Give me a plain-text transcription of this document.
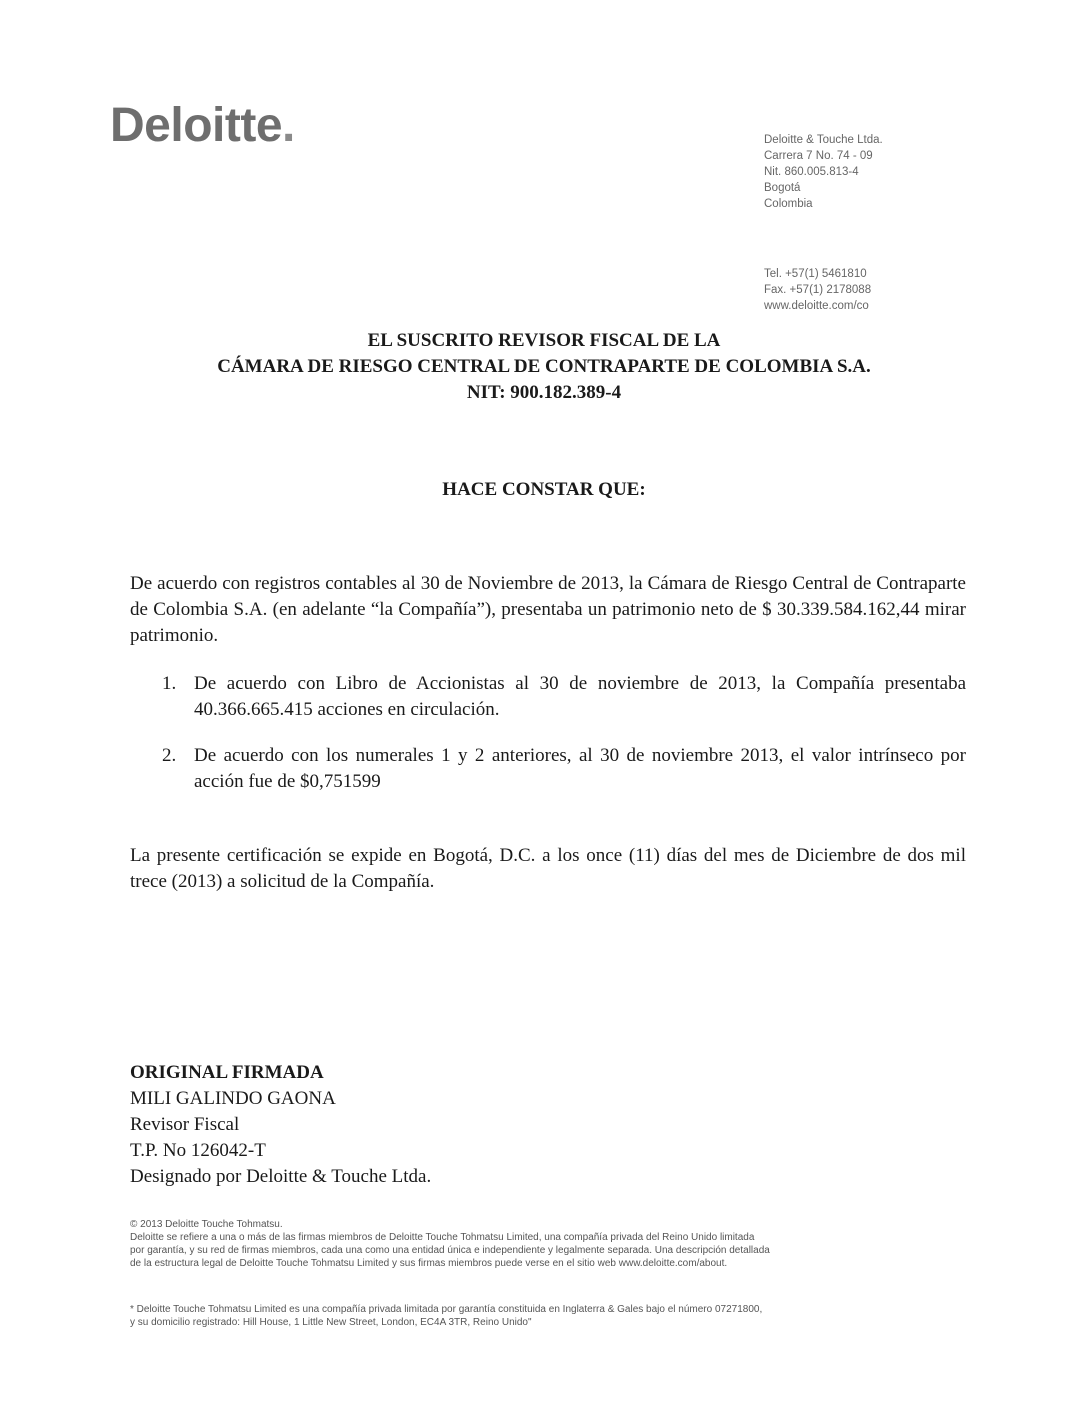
Deloitte.	Deloitte & Touche Ltda.
Carrera 7 No. 74 - 09
Nit. 860.005.813-4
Bogotá
Colombia
Tel. +57(1) 5461810
Fax. +57(1) 2178088
www.deloitte.com/co
EL SUSCRITO REVISOR FISCAL DE LA
CÁMARA DE RIESGO CENTRAL DE CONTRAPARTE DE COLOMBIA S.A.
NIT: 900.182.389-4
HACE CONSTAR QUE:
De acuerdo con registros contables al 30 de Noviembre de 2013, la Cámara de Riesgo Central de Contraparte de Colombia S.A. (en adelante “la Compañía”), presentaba un patrimonio neto de $ 30.339.584.162,44 mirar patrimonio.
1. De acuerdo con Libro de Accionistas al 30 de noviembre de 2013, la Compañía presentaba 40.366.665.415 acciones en circulación.
2. De acuerdo con los numerales 1 y 2 anteriores, al 30 de noviembre 2013, el valor intrínseco por acción fue de $0,751599
La presente certificación se expide en Bogotá, D.C. a los once (11) días del mes de Diciembre de dos mil trece (2013) a solicitud de la Compañía.
ORIGINAL FIRMADA
MILI GALINDO GAONA
Revisor Fiscal
T.P. No 126042-T
Designado por Deloitte & Touche Ltda.
© 2013 Deloitte Touche Tohmatsu.
Deloitte se refiere a una o más de las firmas miembros de Deloitte Touche Tohmatsu Limited, una compañía privada del Reino Unido limitada por garantía, y su red de firmas miembros, cada una como una entidad única e independiente y legalmente separada. Una descripción detallada de la estructura legal de Deloitte Touche Tohmatsu Limited y sus firmas miembros puede verse en el sitio web www.deloitte.com/about.
* Deloitte Touche Tohmatsu Limited es una compañía privada limitada por garantía constituida en Inglaterra & Gales bajo el número 07271800, y su domicilio registrado: Hill House, 1 Little New Street, London, EC4A 3TR, Reino Unido"
